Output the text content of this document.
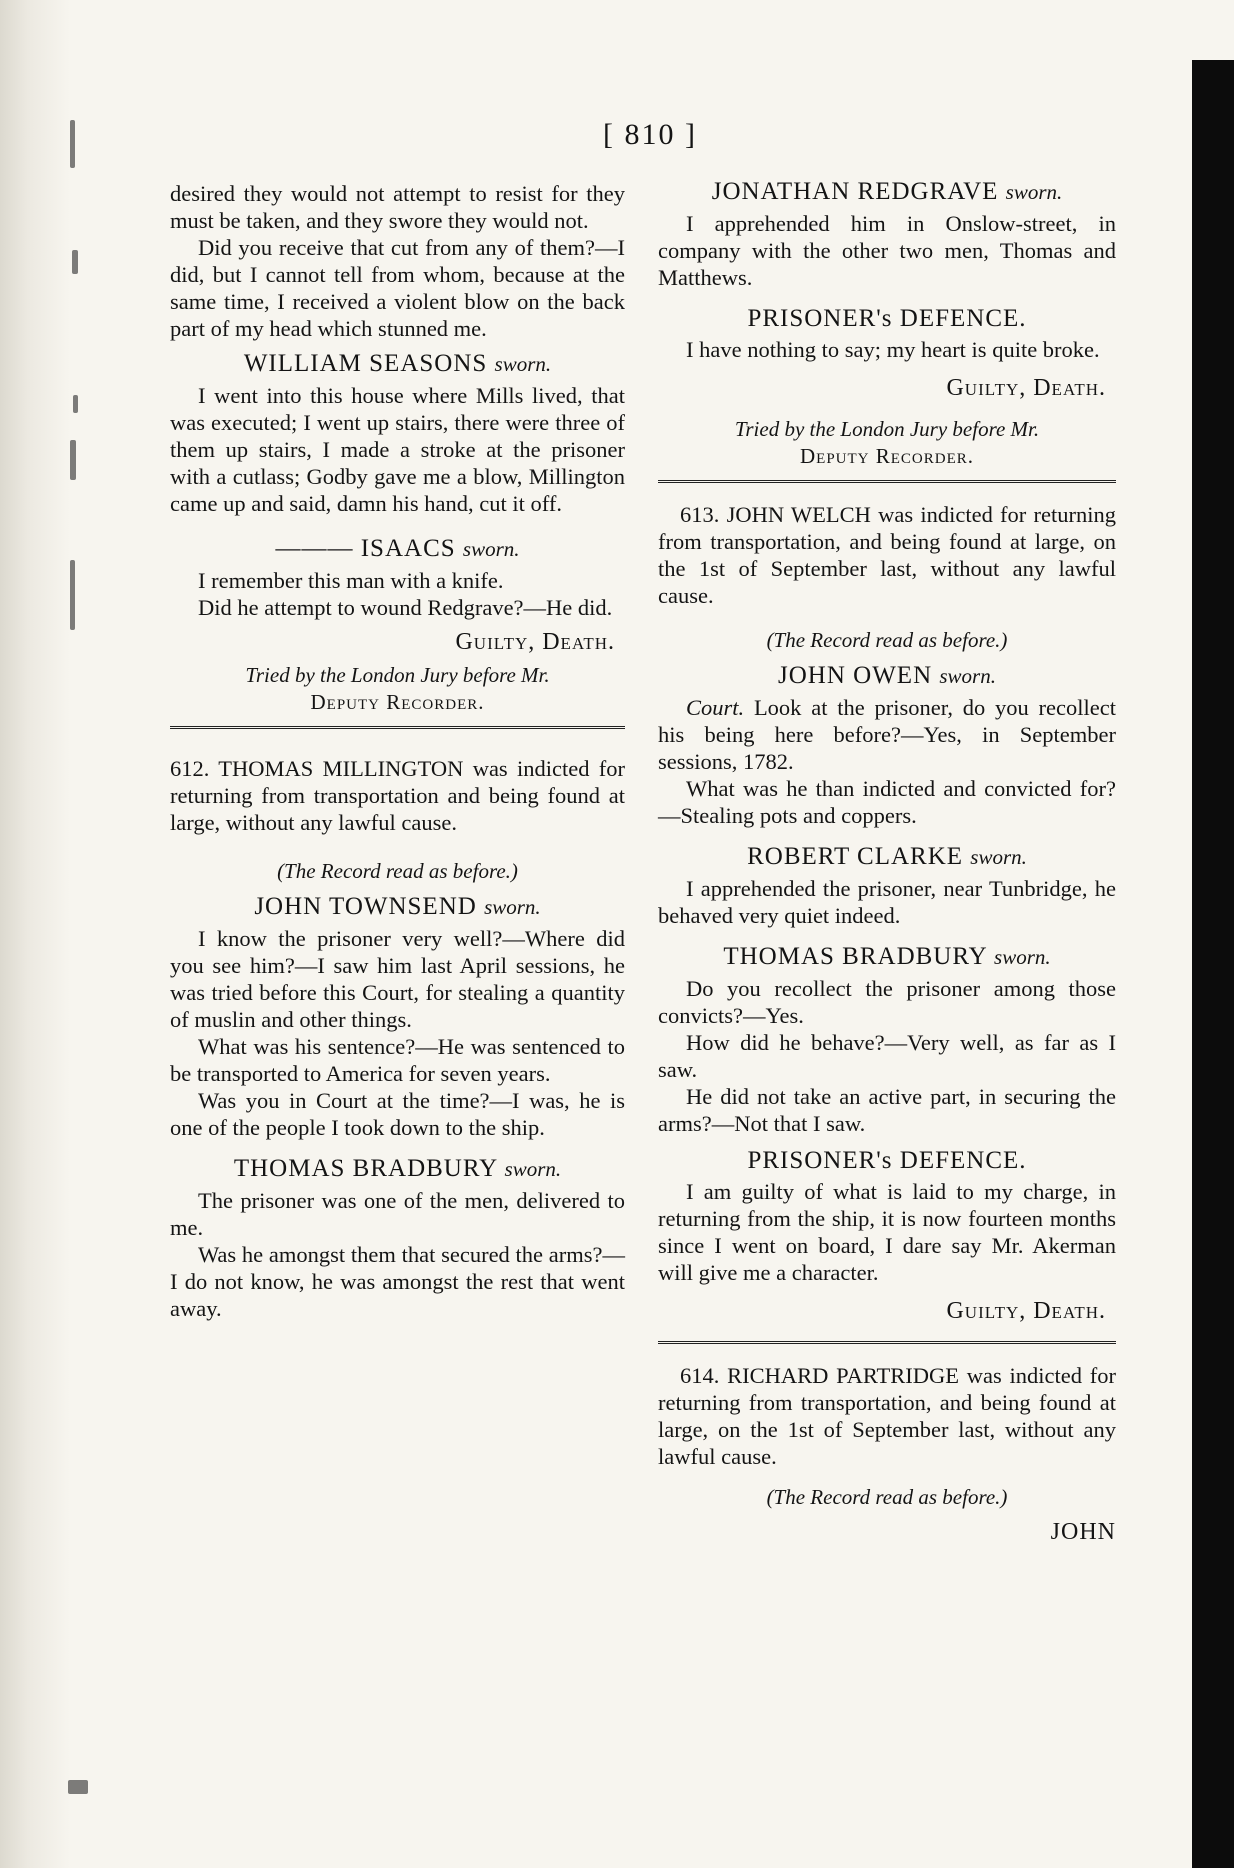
[ 810 ]

desired they would not attempt to resist for they must be taken, and they swore they would not.

Did you receive that cut from any of them?—I did, but I cannot tell from whom, because at the same time, I received a violent blow on the back part of my head which stunned me.

WILLIAM SEASONS sworn.

I went into this house where Mills lived, that was executed; I went up stairs, there were three of them up stairs, I made a stroke at the prisoner with a cutlass; Godby gave me a blow, Millington came up and said, damn his hand, cut it off.

——— ISAACS sworn.

I remember this man with a knife.

Did he attempt to wound Redgrave?—He did.

Guilty, Death.
Tried by the London Jury before Mr.
Deputy Recorder.

612. THOMAS MILLINGTON was indicted for returning from transportation and being found at large, without any lawful cause.

(The Record read as before.)
JOHN TOWNSEND sworn.

I know the prisoner very well?—Where did you see him?—I saw him last April sessions, he was tried before this Court, for stealing a quantity of muslin and other things.

What was his sentence?—He was sentenced to be transported to America for seven years.

Was you in Court at the time?—I was, he is one of the people I took down to the ship.

THOMAS BRADBURY sworn.

The prisoner was one of the men, delivered to me.

Was he amongst them that secured the arms?—I do not know, he was amongst the rest that went away.

JONATHAN REDGRAVE sworn.

I apprehended him in Onslow-street, in company with the other two men, Thomas and Matthews.

PRISONER's DEFENCE.

I have nothing to say; my heart is quite broke.

Guilty, Death.
Tried by the London Jury before Mr.
Deputy Recorder.

613. JOHN WELCH was indicted for returning from transportation, and being found at large, on the 1st of September last, without any lawful cause.

(The Record read as before.)
JOHN OWEN sworn.

Court. Look at the prisoner, do you recollect his being here before?—Yes, in September sessions, 1782.

What was he than indicted and convicted for?—Stealing pots and coppers.

ROBERT CLARKE sworn.

I apprehended the prisoner, near Tunbridge, he behaved very quiet indeed.

THOMAS BRADBURY sworn.

Do you recollect the prisoner among those convicts?—Yes.

How did he behave?—Very well, as far as I saw.

He did not take an active part, in securing the arms?—Not that I saw.

PRISONER's DEFENCE.

I am guilty of what is laid to my charge, in returning from the ship, it is now fourteen months since I went on board, I dare say Mr. Akerman will give me a character.

Guilty, Death.

614. RICHARD PARTRIDGE was indicted for returning from transportation, and being found at large, on the 1st of September last, without any lawful cause.

(The Record read as before.)
JOHN
